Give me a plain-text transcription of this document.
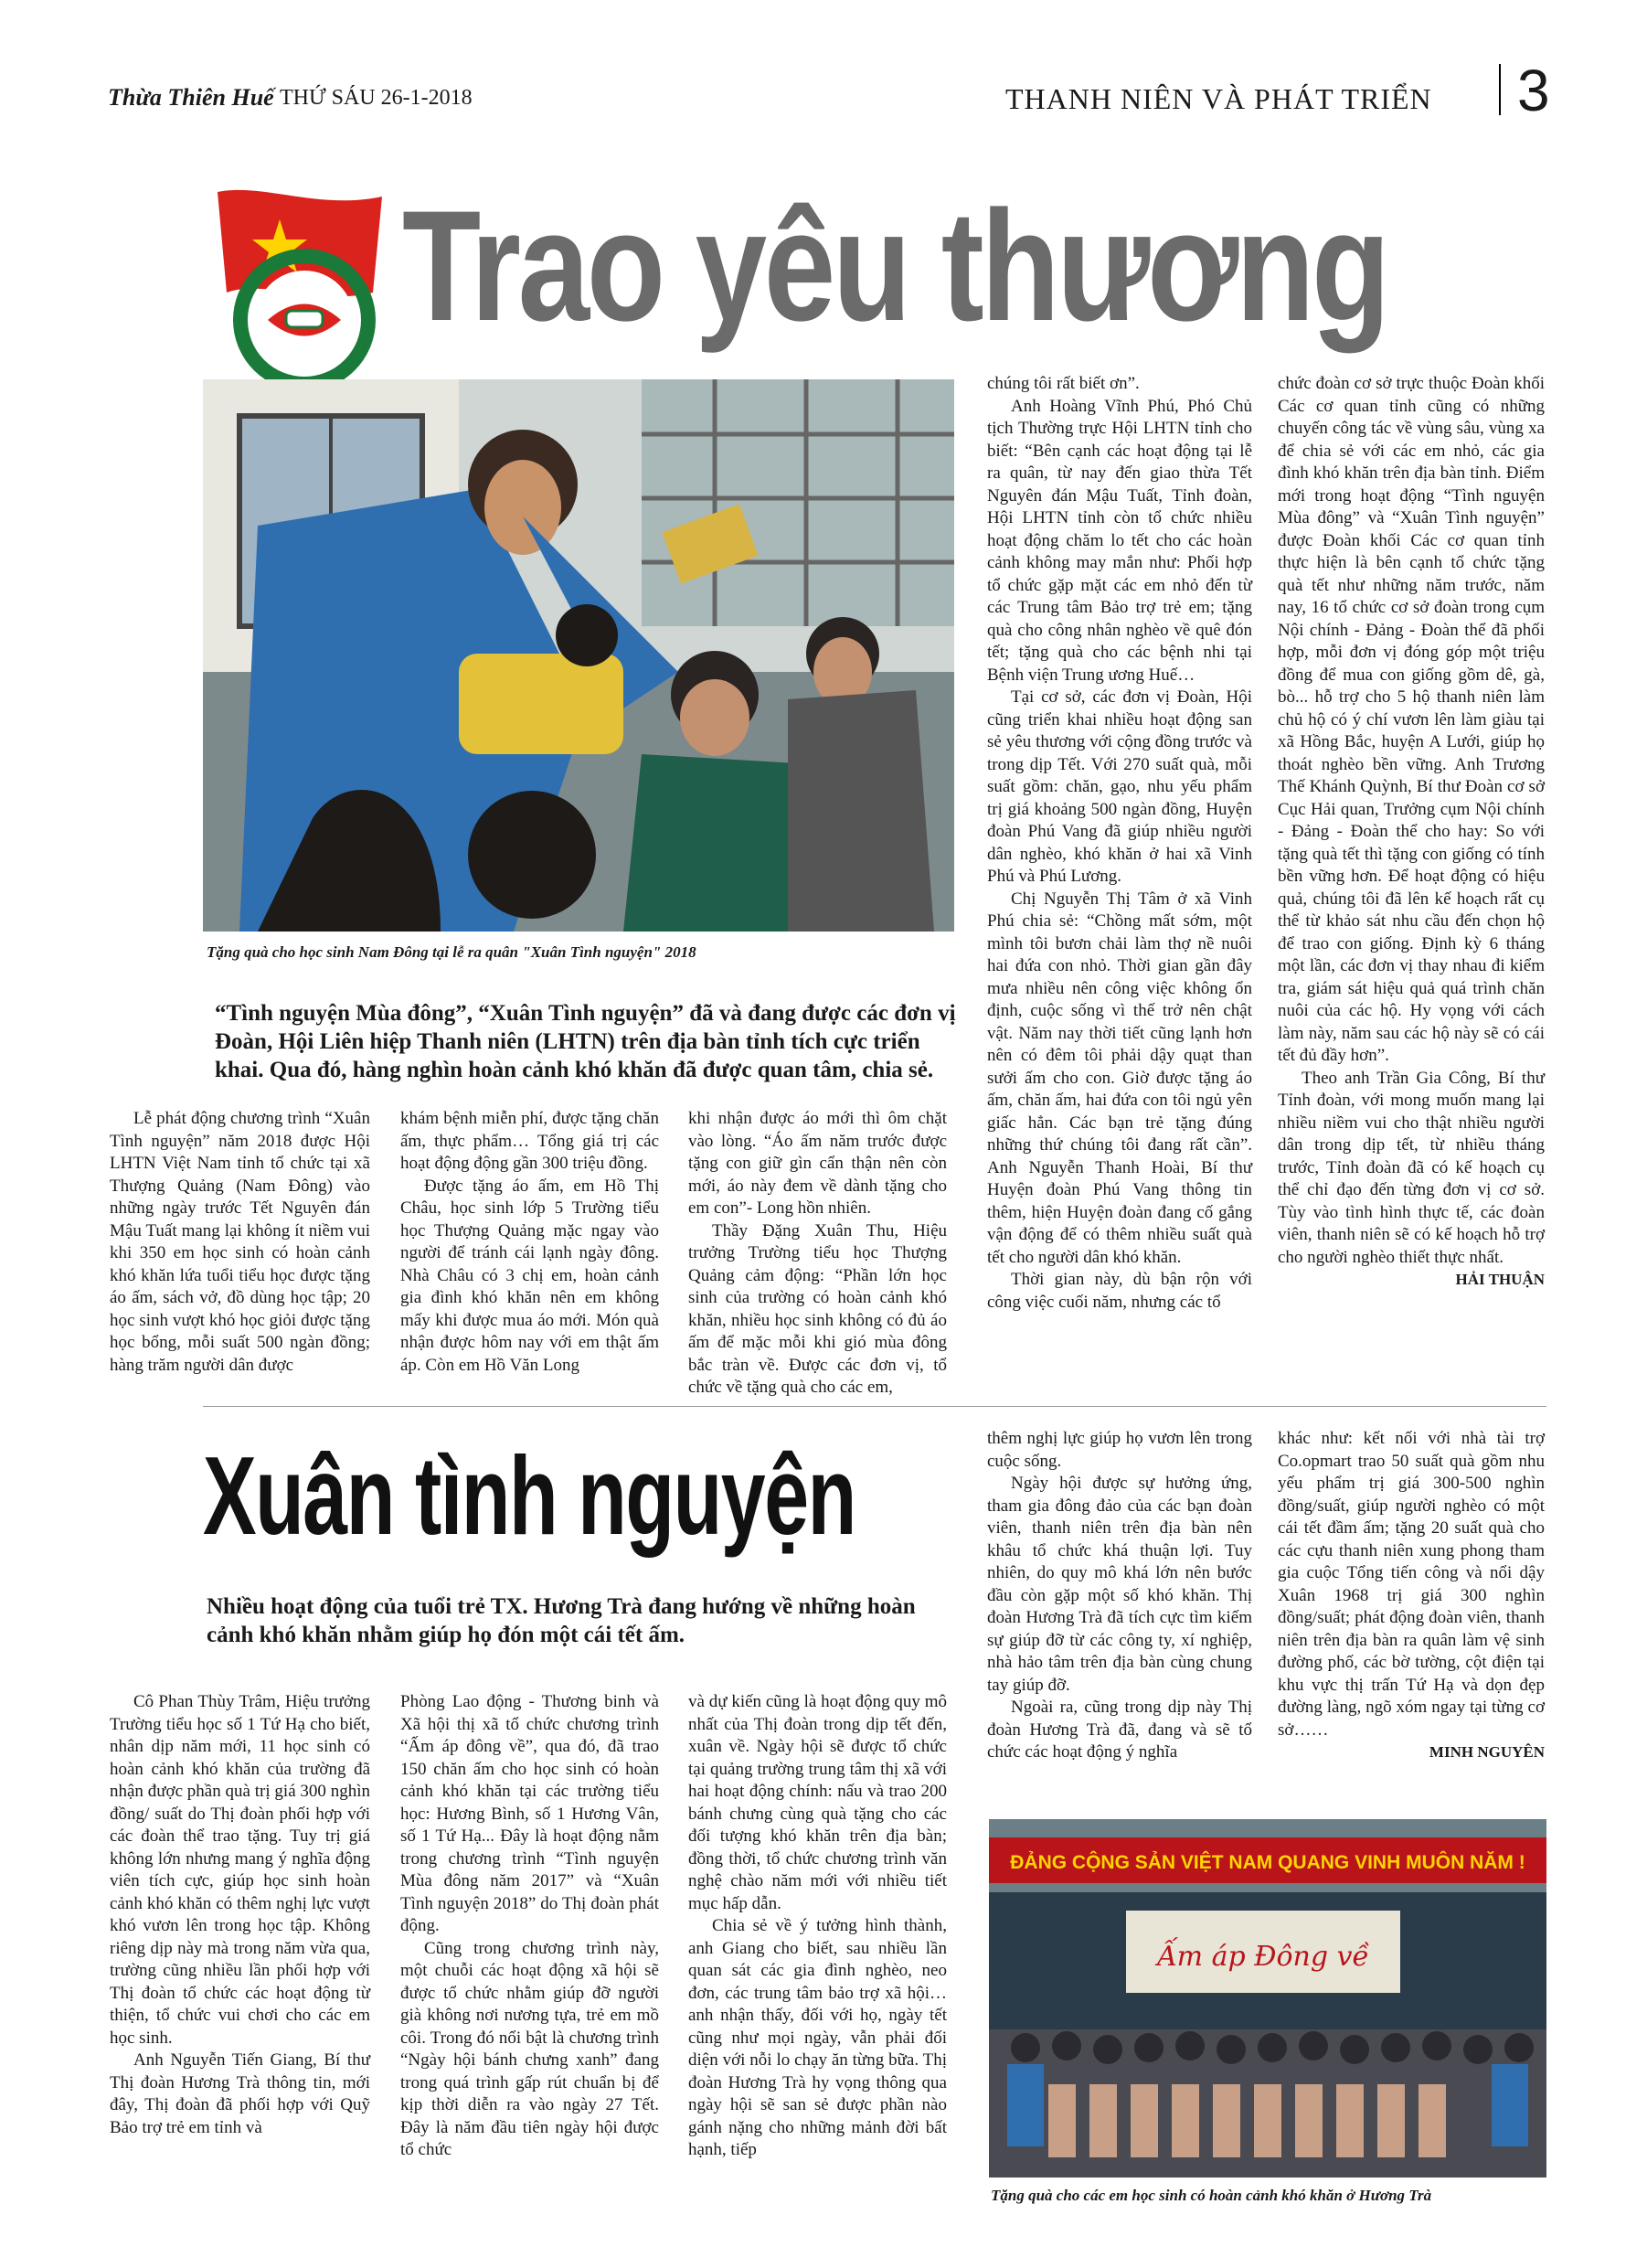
Thừa Thiên Huế THỨ SÁU 26-1-2018	THANH NIÊN VÀ PHÁT TRIỂN 3
Trao yêu thương
Tặng quà cho học sinh Nam Đông tại lễ ra quân "Xuân Tình nguyện" 2018
“Tình nguyện Mùa đông”, “Xuân Tình nguyện” đã và đang được các đơn vị Đoàn, Hội Liên hiệp Thanh niên (LHTN) trên địa bàn tỉnh tích cực triển khai. Qua đó, hàng nghìn hoàn cảnh khó khăn đã được quan tâm, chia sẻ.

Lễ phát động chương trình “Xuân Tình nguyện” năm 2018 được Hội LHTN Việt Nam tỉnh tổ chức tại xã Thượng Quảng (Nam Đông) vào những ngày trước Tết Nguyên đán Mậu Tuất mang lại không ít niềm vui khi 350 em học sinh có hoàn cảnh khó khăn lứa tuổi tiểu học được tặng áo ấm, sách vở, đồ dùng học tập; 20 học sinh vượt khó học giỏi được tặng học bổng, mỗi suất 500 ngàn đồng; hàng trăm người dân được

khám bệnh miễn phí, được tặng chăn ấm, thực phẩm… Tổng giá trị các hoạt động động gần 300 triệu đồng.

Được tặng áo ấm, em Hồ Thị Châu, học sinh lớp 5 Trường tiểu học Thượng Quảng mặc ngay vào người để tránh cái lạnh ngày đông. Nhà Châu có 3 chị em, hoàn cảnh gia đình khó khăn nên em không mấy khi được mua áo mới. Món quà nhận được hôm nay với em thật ấm áp. Còn em Hồ Văn Long

khi nhận được áo mới thì ôm chặt vào lòng. “Áo ấm năm trước được tặng con giữ gìn cẩn thận nên còn mới, áo này đem về dành tặng cho em con”- Long hồn nhiên.

Thầy Đặng Xuân Thu, Hiệu trưởng Trường tiểu học Thượng Quảng cảm động: “Phần lớn học sinh của trường có hoàn cảnh khó khăn, nhiều học sinh không có đủ áo ấm để mặc mỗi khi gió mùa đông bắc tràn về. Được các đơn vị, tổ chức về tặng quà cho các em,

chúng tôi rất biết ơn”.

Anh Hoàng Vĩnh Phú, Phó Chủ tịch Thường trực Hội LHTN tỉnh cho biết: “Bên cạnh các hoạt động tại lễ ra quân, từ nay đến giao thừa Tết Nguyên đán Mậu Tuất, Tỉnh đoàn, Hội LHTN tỉnh còn tổ chức nhiều hoạt động chăm lo tết cho các hoàn cảnh không may mắn như: Phối hợp tổ chức gặp mặt các em nhỏ đến từ các Trung tâm Bảo trợ trẻ em; tặng quà cho công nhân nghèo về quê đón tết; tặng quà cho các bệnh nhi tại Bệnh viện Trung ương Huế…

Tại cơ sở, các đơn vị Đoàn, Hội cũng triển khai nhiều hoạt động san sẻ yêu thương với cộng đồng trước và trong dịp Tết. Với 270 suất quà, mỗi suất gồm: chăn, gạo, nhu yếu phẩm trị giá khoảng 500 ngàn đồng, Huyện đoàn Phú Vang đã giúp nhiều người dân nghèo, khó khăn ở hai xã Vinh Phú và Phú Lương.

Chị Nguyễn Thị Tâm ở xã Vinh Phú chia sẻ: “Chồng mất sớm, một mình tôi bươn chải làm thợ nề nuôi hai đứa con nhỏ. Thời gian gần đây mưa nhiều nên công việc không ổn định, cuộc sống vì thế trở nên chật vật. Năm nay thời tiết cũng lạnh hơn nên có đêm tôi phải dậy quạt than sưởi ấm cho con. Giờ được tặng áo ấm, chăn ấm, hai đứa con tôi ngủ yên giấc hẳn. Các bạn trẻ tặng đúng những thứ chúng tôi đang rất cần”. Anh Nguyễn Thanh Hoài, Bí thư Huyện đoàn Phú Vang thông tin thêm, hiện Huyện đoàn đang cố gắng vận động để có thêm nhiều suất quà tết cho người dân khó khăn.

Thời gian này, dù bận rộn với công việc cuối năm, nhưng các tổ

chức đoàn cơ sở trực thuộc Đoàn khối Các cơ quan tỉnh cũng có những chuyến công tác về vùng sâu, vùng xa để chia sẻ với các em nhỏ, các gia đình khó khăn trên địa bàn tỉnh. Điểm mới trong hoạt động “Tình nguyện Mùa đông” và “Xuân Tình nguyện” được Đoàn khối Các cơ quan tỉnh thực hiện là bên cạnh tổ chức tặng quà tết như những năm trước, năm nay, 16 tổ chức cơ sở đoàn trong cụm Nội chính - Đảng - Đoàn thể đã phối hợp, mỗi đơn vị đóng góp một triệu đồng để mua con giống gồm dê, gà, bò... hỗ trợ cho 5 hộ thanh niên làm chủ hộ có ý chí vươn lên làm giàu tại xã Hồng Bắc, huyện A Lưới, giúp họ thoát nghèo bền vững. Anh Trương Thế Khánh Quỳnh, Bí thư Đoàn cơ sở Cục Hải quan, Trưởng cụm Nội chính - Đảng - Đoàn thể cho hay: So với tặng quà tết thì tặng con giống có tính bền vững hơn. Để hoạt động có hiệu quả, chúng tôi đã lên kế hoạch rất cụ thể từ khảo sát nhu cầu đến chọn hộ để trao con giống. Định kỳ 6 tháng một lần, các đơn vị thay nhau đi kiểm tra, giám sát hiệu quả quá trình chăn nuôi của các hộ. Hy vọng với cách làm này, năm sau các hộ này sẽ có cái tết đủ đầy hơn”.

Theo anh Trần Gia Công, Bí thư Tỉnh đoàn, với mong muốn mang lại nhiều niềm vui cho thật nhiều người dân trong dịp tết, từ nhiều tháng trước, Tỉnh đoàn đã có kế hoạch cụ thể chỉ đạo đến từng đơn vị cơ sở. Tùy vào tình hình thực tế, các đoàn viên, thanh niên sẽ có kế hoạch hỗ trợ cho người nghèo thiết thực nhất.

HẢI THUẬN
Xuân tình nguyện
Nhiều hoạt động của tuổi trẻ TX. Hương Trà đang hướng về những hoàn cảnh khó khăn nhằm giúp họ đón một cái tết ấm.

Cô Phan Thùy Trâm, Hiệu trưởng Trường tiểu học số 1 Tứ Hạ cho biết, nhân dịp năm mới, 11 học sinh có hoàn cảnh khó khăn của trường đã nhận được phần quà trị giá 300 nghìn đồng/ suất do Thị đoàn phối hợp với các đoàn thể trao tặng. Tuy trị giá không lớn nhưng mang ý nghĩa động viên tích cực, giúp học sinh hoàn cảnh khó khăn có thêm nghị lực vượt khó vươn lên trong học tập. Không riêng dịp này mà trong năm vừa qua, trường cũng nhiều lần phối hợp với Thị đoàn tổ chức các hoạt động từ thiện, tổ chức vui chơi cho các em học sinh.

Anh Nguyễn Tiến Giang, Bí thư Thị đoàn Hương Trà thông tin, mới đây, Thị đoàn đã phối hợp với Quỹ Bảo trợ trẻ em tỉnh và

Phòng Lao động - Thương binh và Xã hội thị xã tổ chức chương trình “Ấm áp đông về”, qua đó, đã trao 150 chăn ấm cho học sinh có hoàn cảnh khó khăn tại các trường tiểu học: Hương Bình, số 1 Hương Vân, số 1 Tứ Hạ... Đây là hoạt động nằm trong chương trình “Tình nguyện Mùa đông năm 2017” và “Xuân Tình nguyện 2018” do Thị đoàn phát động.

Cũng trong chương trình này, một chuỗi các hoạt động xã hội sẽ được tổ chức nhằm giúp đỡ người già không nơi nương tựa, trẻ em mồ côi. Trong đó nổi bật là chương trình “Ngày hội bánh chưng xanh” đang trong quá trình gấp rút chuẩn bị để kịp thời diễn ra vào ngày 27 Tết. Đây là năm đầu tiên ngày hội được tổ chức

và dự kiến cũng là hoạt động quy mô nhất của Thị đoàn trong dịp tết đến, xuân về. Ngày hội sẽ được tổ chức tại quảng trường trung tâm thị xã với hai hoạt động chính: nấu và trao 200 bánh chưng cùng quà tặng cho các đối tượng khó khăn trên địa bàn; đồng thời, tổ chức chương trình văn nghệ chào năm mới với nhiều tiết mục hấp dẫn.

Chia sẻ về ý tưởng hình thành, anh Giang cho biết, sau nhiều lần quan sát các gia đình nghèo, neo đơn, các trung tâm bảo trợ xã hội… anh nhận thấy, đối với họ, ngày tết cũng như mọi ngày, vẫn phải đối diện với nỗi lo chạy ăn từng bữa. Thị đoàn Hương Trà hy vọng thông qua ngày hội sẽ san sẻ được phần nào gánh nặng cho những mảnh đời bất hạnh, tiếp

thêm nghị lực giúp họ vươn lên trong cuộc sống.

Ngày hội được sự hưởng ứng, tham gia đông đảo của các bạn đoàn viên, thanh niên trên địa bàn nên khâu tổ chức khá thuận lợi. Tuy nhiên, do quy mô khá lớn nên bước đầu còn gặp một số khó khăn. Thị đoàn Hương Trà đã tích cực tìm kiếm sự giúp đỡ từ các công ty, xí nghiệp, nhà hảo tâm trên địa bàn cùng chung tay giúp đỡ.

Ngoài ra, cũng trong dịp này Thị đoàn Hương Trà đã, đang và sẽ tổ chức các hoạt động ý nghĩa

khác như: kết nối với nhà tài trợ Co.opmart trao 50 suất quà gồm nhu yếu phẩm trị giá 300-500 nghìn đồng/suất, giúp người nghèo có một cái tết đầm ấm; tặng 20 suất quà cho các cựu thanh niên xung phong tham gia cuộc Tổng tiến công và nổi dậy Xuân 1968 trị giá 300 nghìn đồng/suất; phát động đoàn viên, thanh niên trên địa bàn ra quân làm vệ sinh đường phố, các bờ tường, cột điện tại khu vực thị trấn Tứ Hạ và dọn đẹp đường làng, ngõ xóm ngay tại từng cơ sở……

MINH NGUYÊN
ĐẢNG CỘNG SẢN VIỆT NAM QUANG VINH MUÔN NĂM !
Ấm áp Đông về
Tặng quà cho các em học sinh có hoàn cảnh khó khăn ở Hương Trà
